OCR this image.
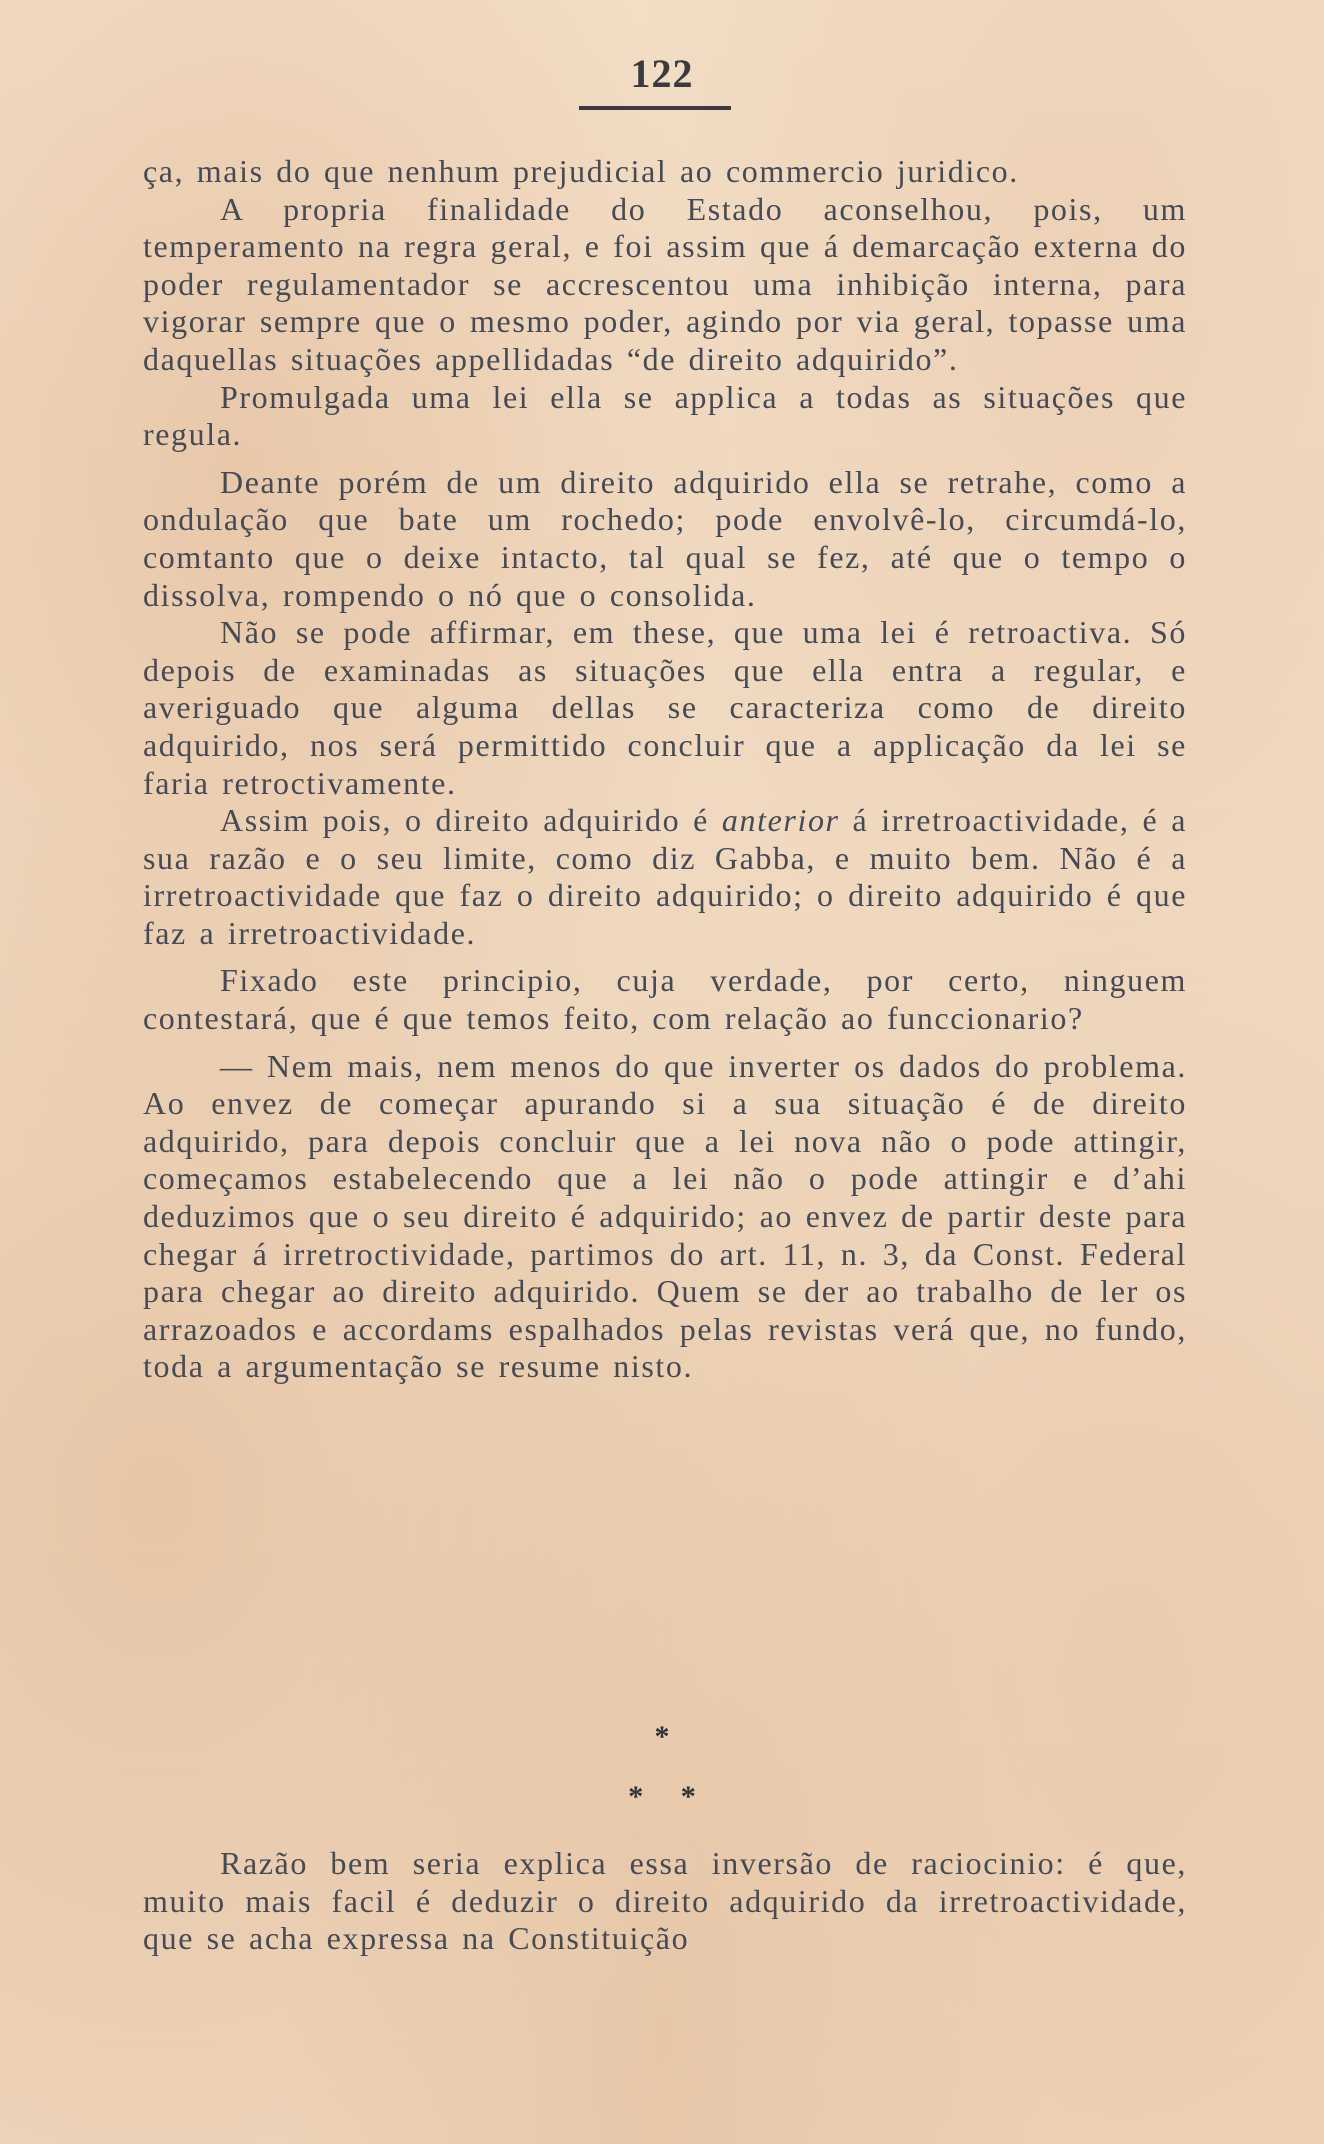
122

ça, mais do que nenhum prejudicial ao commercio juridico.

A propria finalidade do Estado aconselhou, pois, um temperamento na regra geral, e foi assim que á demarcação externa do poder regulamentador se accrescentou uma inhibição interna, para vigorar sempre que o mesmo poder, agindo por via geral, topasse uma daquellas situações appellidadas “de direito adquirido”.

Promulgada uma lei ella se applica a todas as situações que regula.

Deante porém de um direito adquirido ella se retrahe, como a ondulação que bate um rochedo; pode envolvê-lo, circumdá-lo, comtanto que o deixe intacto, tal qual se fez, até que o tempo o dissolva, rompendo o nó que o consolida.

Não se pode affirmar, em these, que uma lei é retroactiva. Só depois de examinadas as situações que ella entra a regular, e averiguado que alguma dellas se caracteriza como de direito adquirido, nos será permittido concluir que a applicação da lei se faria retroctivamente.

Assim pois, o direito adquirido é anterior á irretroactividade, é a sua razão e o seu limite, como diz Gabba, e muito bem. Não é a irretroactividade que faz o direito adquirido; o direito adquirido é que faz a irretroactividade.

Fixado este principio, cuja verdade, por certo, ninguem contestará, que é que temos feito, com relação ao funccionario?

— Nem mais, nem menos do que inverter os dados do problema. Ao envez de começar apurando si a sua situação é de direito adquirido, para depois concluir que a lei nova não o pode attingir, começamos estabelecendo que a lei não o pode attingir e d’ahi deduzimos que o seu direito é adquirido; ao envez de partir deste para chegar á irretroctividade, partimos do art. 11, n. 3, da Const. Federal para chegar ao direito adquirido. Quem se der ao trabalho de ler os arrazoados e accordams espalhados pelas revistas verá que, no fundo, toda a argumentação se resume nisto.

*
* *

Razão bem seria explica essa inversão de raciocinio: é que, muito mais facil é deduzir o direito adquirido da irretroactividade, que se acha expressa na Constituição
